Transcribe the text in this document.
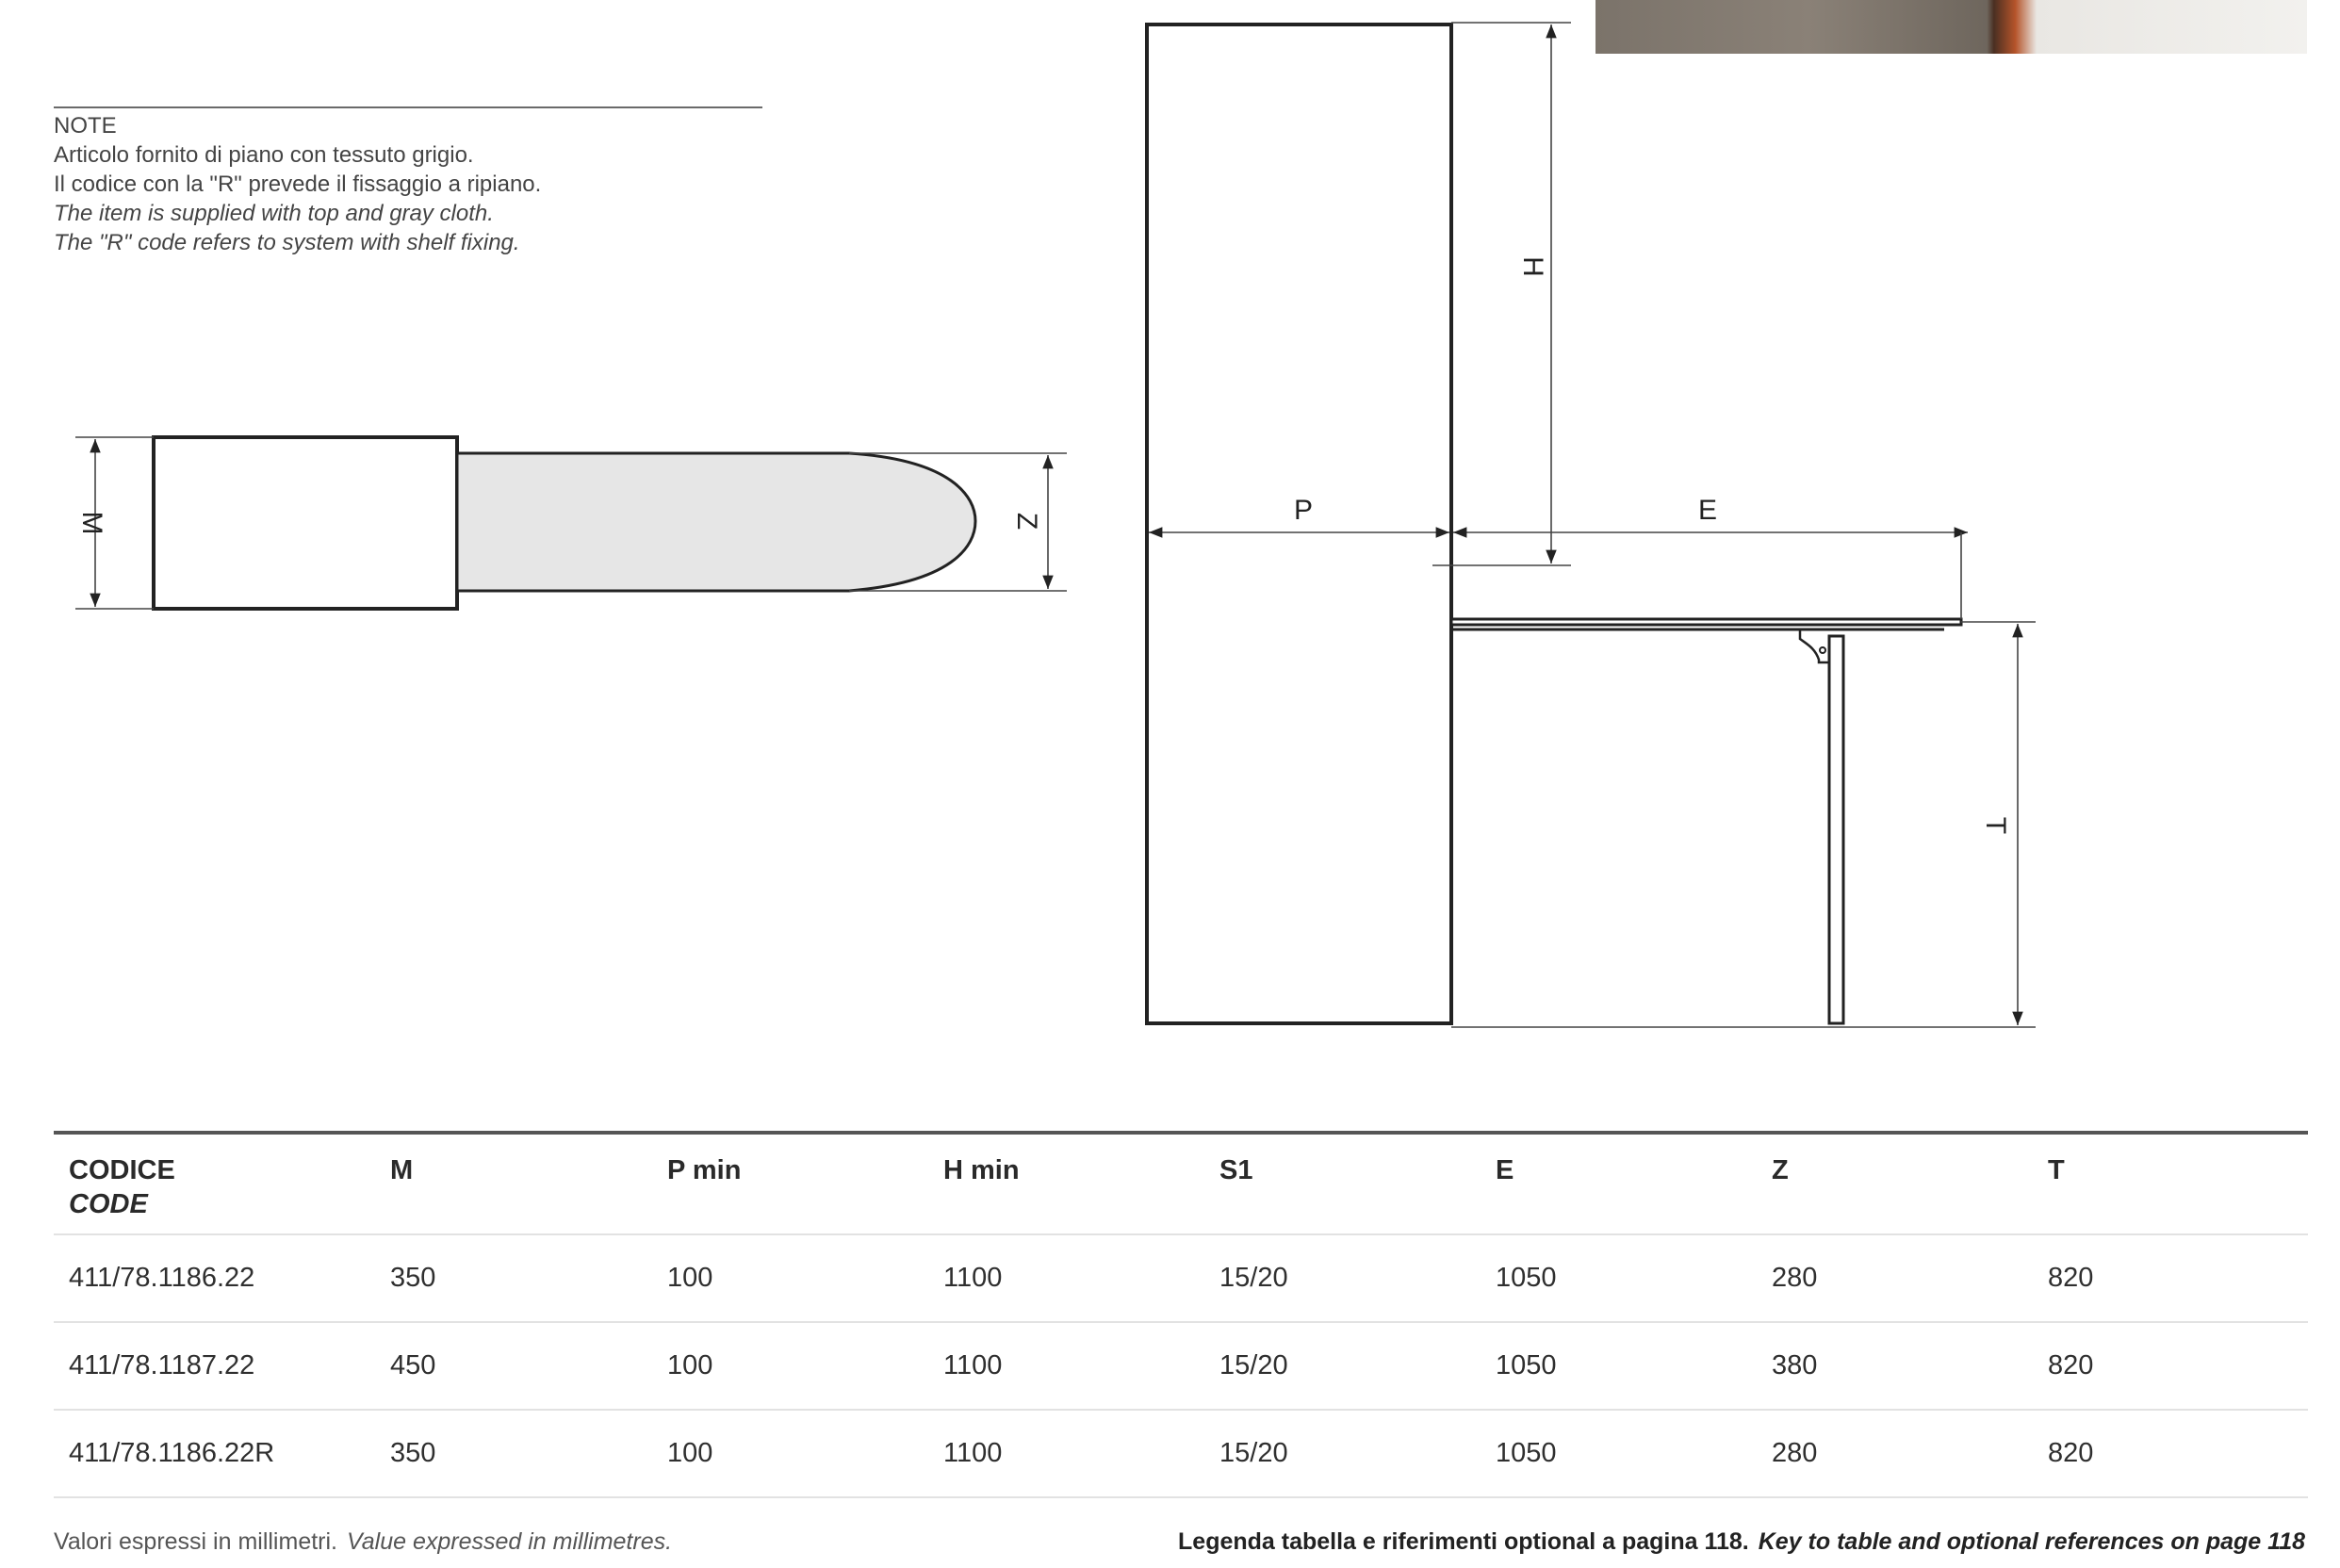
NOTE
Articolo fornito di piano con tessuto grigio.
Il codice con la "R" prevede il fissaggio a ripiano.
The item is supplied with top and gray cloth.
The "R" code refers to system with shelf fixing.
M	Z
H
P	E
T
CODICE
CODE
M	P min	H min	S1	E	Z	T
411/78.1186.22	350	100	1100	15/20	1050	280	820
411/78.1187.22	450	100	1100	15/20	1050	380	820
411/78.1186.22R	350	100	1100	15/20	1050	280	820
Valori espressi in millimetri. Value expressed in millimetres.	Legenda tabella e riferimenti optional a pagina 118. Key to table and optional references on page 118
